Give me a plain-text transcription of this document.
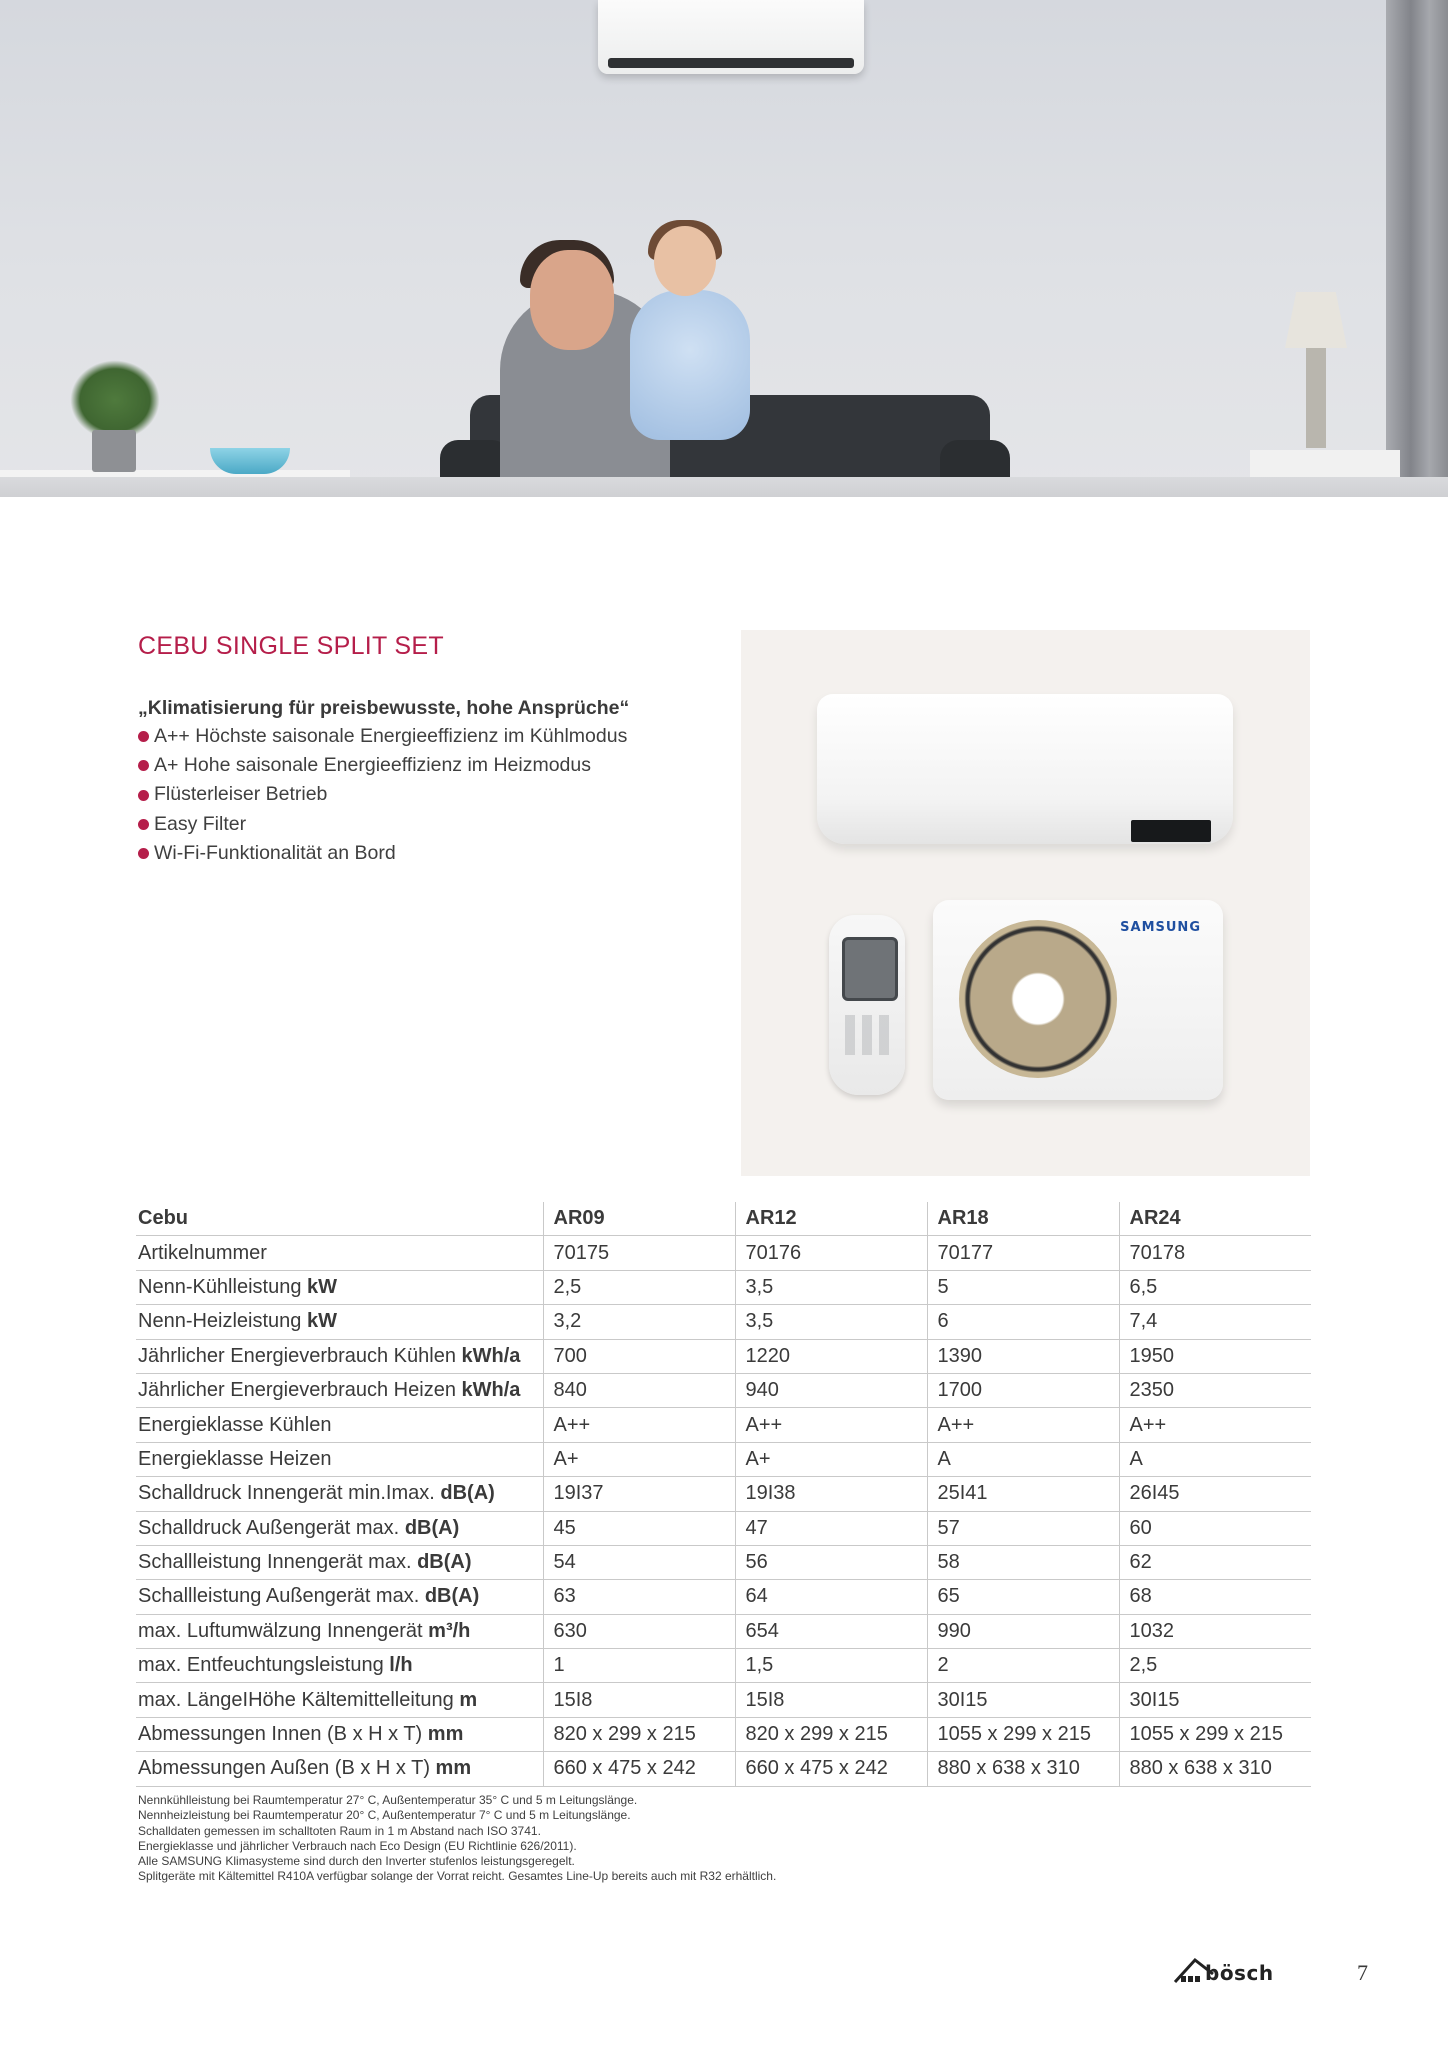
CEBU SINGLE SPLIT SET
„Klimatisierung für preisbewusste, hohe Ansprüche“
A++ Höchste saisonale Energieeffizienz im Kühlmodus
A+ Hohe saisonale Energieeffizienz im Heizmodus
Flüsterleiser Betrieb
Easy Filter
Wi-Fi-Funktionalität an Bord
SAMSUNG
Cebu	AR09	AR12	AR18	AR24
Artikelnummer	70175	70176	70177	70178
Nenn-Kühlleistung kW	2,5	3,5	5	6,5
Nenn-Heizleistung kW	3,2	3,5	6	7,4
Jährlicher Energieverbrauch Kühlen kWh/a	700	1220	1390	1950
Jährlicher Energieverbrauch Heizen kWh/a	840	940	1700	2350
Energieklasse Kühlen	A++	A++	A++	A++
Energieklasse Heizen	A+	A+	A	A
Schalldruck Innengerät min.Imax. dB(A)	19I37	19I38	25I41	26I45
Schalldruck Außengerät max. dB(A)	45	47	57	60
Schallleistung Innengerät max. dB(A)	54	56	58	62
Schallleistung Außengerät max. dB(A)	63	64	65	68
max. Luftumwälzung Innengerät m³/h	630	654	990	1032
max. Entfeuchtungsleistung l/h	1	1,5	2	2,5
max. LängeIHöhe Kältemittelleitung m	15I8	15I8	30I15	30I15
Abmessungen Innen (B x H x T) mm	820 x 299 x 215	820 x 299 x 215	1055 x 299 x 215	1055 x 299 x 215
Abmessungen Außen (B x H x T) mm	660 x 475 x 242	660 x 475 x 242	880 x 638 x 310	880 x 638 x 310
Nennkühlleistung bei Raumtemperatur 27° C, Außentemperatur 35° C und 5 m Leitungslänge.
Nennheizleistung bei Raumtemperatur 20° C, Außentemperatur 7° C und 5 m Leitungslänge.
Schalldaten gemessen im schalltoten Raum in 1 m Abstand nach ISO 3741.
Energieklasse und jährlicher Verbrauch nach Eco Design (EU Richtlinie 626/2011).
Alle SAMSUNG Klimasysteme sind durch den Inverter stufenlos leistungsgeregelt.
Splitgeräte mit Kältemittel R410A verfügbar solange der Vorrat reicht. Gesamtes Line-Up bereits auch mit R32 erhältlich.
bösch	7
